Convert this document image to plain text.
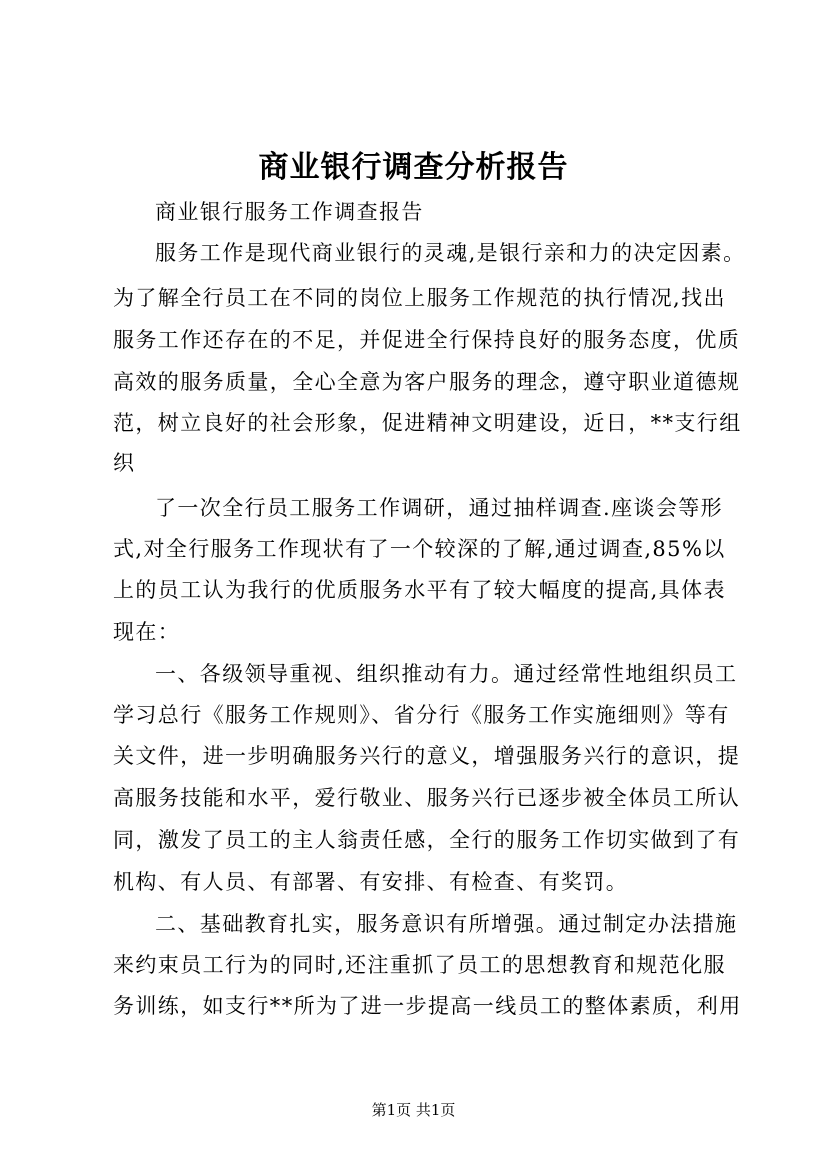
商业银行调查分析报告
商业银行服务工作调查报告
服务工作是现代商业银行的灵魂,是银行亲和力的决定因素。
为了解全行员工在不同的岗位上服务工作规范的执行情况,找出
服务工作还存在的不足，并促进全行保持良好的服务态度，优质
高效的服务质量，全心全意为客户服务的理念，遵守职业道德规
范，树立良好的社会形象，促进精神文明建设，近日，**支行组
织
了一次全行员工服务工作调研，通过抽样调查.座谈会等形
式,对全行服务工作现状有了一个较深的了解,通过调查,85%以
上的员工认为我行的优质服务水平有了较大幅度的提高,具体表
现在：
一、各级领导重视、组织推动有力。通过经常性地组织员工
学习总行《服务工作规则》、省分行《服务工作实施细则》等有
关文件，进一步明确服务兴行的意义，增强服务兴行的意识，提
高服务技能和水平，爱行敬业、服务兴行已逐步被全体员工所认
同，激发了员工的主人翁责任感，全行的服务工作切实做到了有
机构、有人员、有部署、有安排、有检查、有奖罚。
二、基础教育扎实，服务意识有所增强。通过制定办法措施
来约束员工行为的同时,还注重抓了员工的思想教育和规范化服
务训练，如支行**所为了进一步提高一线员工的整体素质，利用
第1页 共1页
